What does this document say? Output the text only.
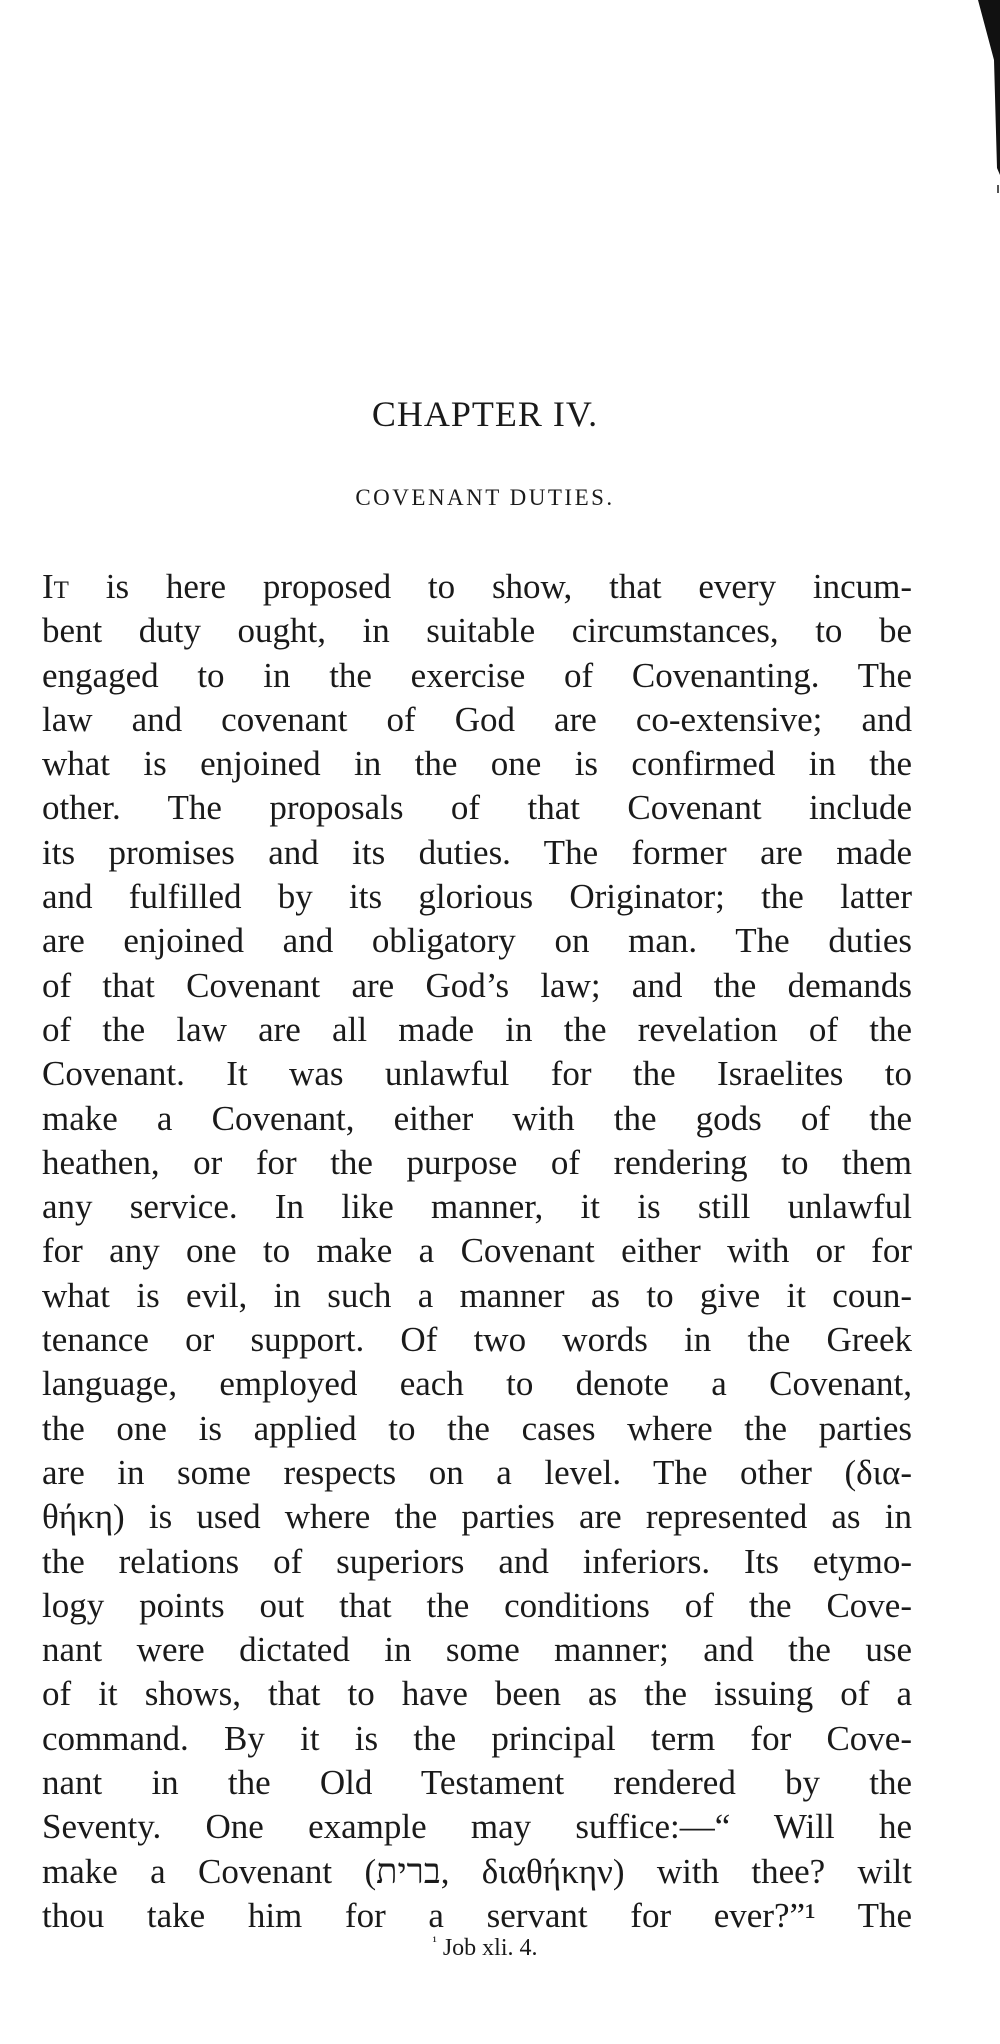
CHAPTER IV.
COVENANT DUTIES.
It is here proposed to show, that every incum-
bent duty ought, in suitable circumstances, to be
engaged to in the exercise of Covenanting. The
law and covenant of God are co-extensive; and
what is enjoined in the one is confirmed in the
other. The proposals of that Covenant include
its promises and its duties. The former are made
and fulfilled by its glorious Originator; the latter
are enjoined and obligatory on man. The duties
of that Covenant are God’s law; and the demands
of the law are all made in the revelation of the
Covenant. It was unlawful for the Israelites to
make a Covenant, either with the gods of the
heathen, or for the purpose of rendering to them
any service. In like manner, it is still unlawful
for any one to make a Covenant either with or for
what is evil, in such a manner as to give it coun-
tenance or support. Of two words in the Greek
language, employed each to denote a Covenant,
the one is applied to the cases where the parties
are in some respects on a level. The other (δια-
θήκη) is used where the parties are represented as in
the relations of superiors and inferiors. Its etymo-
logy points out that the conditions of the Cove-
nant were dictated in some manner; and the use
of it shows, that to have been as the issuing of a
command. By it is the principal term for Cove-
nant in the Old Testament rendered by the
Seventy. One example may suffice:—“ Will he
make a Covenant (ברית, διαθήκην) with thee? wilt
thou take him for a servant for ever?”¹ The

$^{^1}$ Job xli. 4.
